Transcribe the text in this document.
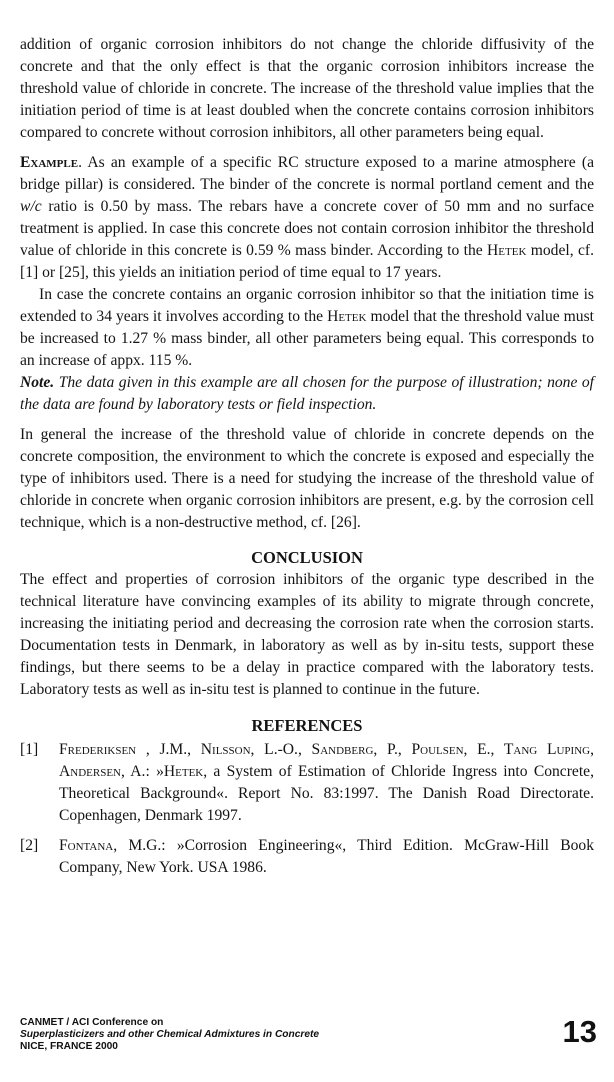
addition of organic corrosion inhibitors do not change the chloride diffusivity of the concrete and that the only effect is that the organic corrosion inhibitors increase the threshold value of chloride in concrete. The increase of the threshold value implies that the initiation period of time is at least doubled when the concrete contains corrosion inhibitors compared to concrete without corrosion inhibitors, all other parameters being equal.

Example. As an example of a specific RC structure exposed to a marine atmosphere (a bridge pillar) is considered. The binder of the concrete is normal portland cement and the w/c ratio is 0.50 by mass. The rebars have a concrete cover of 50 mm and no surface treatment is applied. In case this concrete does not contain corrosion inhibitor the threshold value of chloride in this concrete is 0.59 % mass binder. According to the Hetek model, cf. [1] or [25], this yields an initiation period of time equal to 17 years.

In case the concrete contains an organic corrosion inhibitor so that the initiation time is extended to 34 years it involves according to the Hetek model that the threshold value must be increased to 1.27 % mass binder, all other parameters being equal. This corresponds to an increase of appx. 115 %.

Note. The data given in this example are all chosen for the purpose of illustration; none of the data are found by laboratory tests or field inspection.

In general the increase of the threshold value of chloride in concrete depends on the concrete composition, the environment to which the concrete is exposed and especially the type of inhibitors used. There is a need for studying the increase of the threshold value of chloride in concrete when organic corrosion inhibitors are present, e.g. by the corrosion cell technique, which is a non-destructive method, cf. [26].

CONCLUSION

The effect and properties of corrosion inhibitors of the organic type described in the technical literature have convincing examples of its ability to migrate through concrete, increasing the initiating period and decreasing the corrosion rate when the corrosion starts. Documentation tests in Denmark, in laboratory as well as by in-situ tests, support these findings, but there seems to be a delay in practice compared with the laboratory tests. Laboratory tests as well as in-situ test is planned to continue in the future.

REFERENCES
[1]	Frederiksen , J.M., Nilsson, L.-O., Sandberg, P., Poulsen, E., Tang Luping, Andersen, A.: »Hetek, a System of Estimation of Chloride Ingress into Concrete, Theoretical Background«. Report No. 83:1997. The Danish Road Directorate. Copenhagen, Denmark 1997.
[2]	Fontana, M.G.: »Corrosion Engineering«, Third Edition. McGraw-Hill Book Company, New York. USA 1986.
CANMET / ACI Conference on
Superplasticizers and other Chemical Admixtures in Concrete
NICE, FRANCE 2000	13
